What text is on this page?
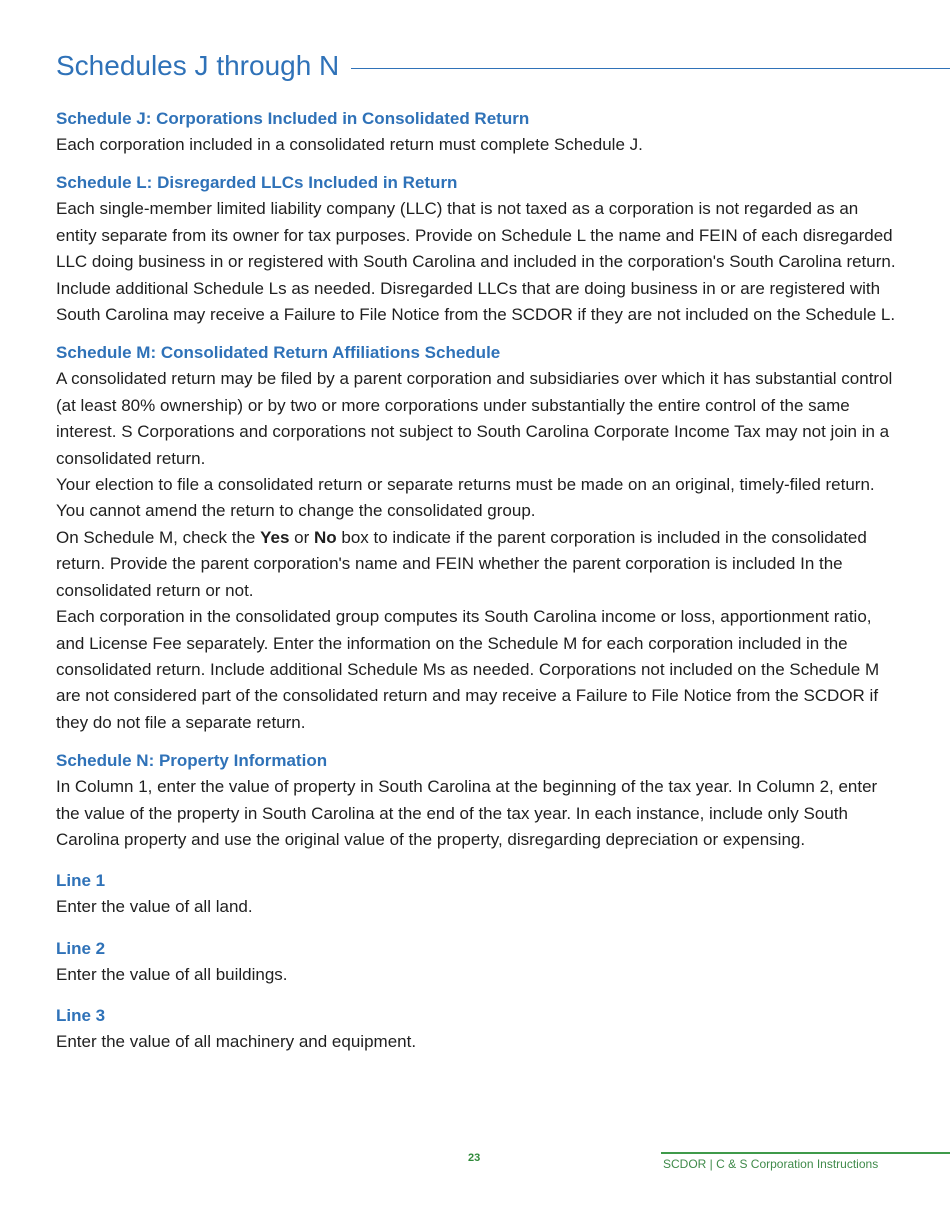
Schedules J through N
Schedule J: Corporations Included in Consolidated Return

Each corporation included in a consolidated return must complete Schedule J.

Schedule L: Disregarded LLCs Included in Return

Each single-member limited liability company (LLC) that is not taxed as a corporation is not regarded as an entity separate from its owner for tax purposes. Provide on Schedule L the name and FEIN of each disregarded LLC doing business in or registered with South Carolina and included in the corporation's South Carolina return. Include additional Schedule Ls as needed. Disregarded LLCs that are doing business in or are registered with South Carolina may receive a Failure to File Notice from the SCDOR if they are not included on the Schedule L.

Schedule M: Consolidated Return Affiliations Schedule

A consolidated return may be filed by a parent corporation and subsidiaries over which it has substantial control (at least 80% ownership) or by two or more corporations under substantially the entire control of the same interest. S Corporations and corporations not subject to South Carolina Corporate Income Tax may not join in a consolidated return.

Your election to file a consolidated return or separate returns must be made on an original, timely-filed return. You cannot amend the return to change the consolidated group.

On Schedule M, check the Yes or No box to indicate if the parent corporation is included in the consolidated return. Provide the parent corporation's name and FEIN whether the parent corporation is included In the consolidated return or not.

Each corporation in the consolidated group computes its South Carolina income or loss, apportionment ratio, and License Fee separately. Enter the information on the Schedule M for each corporation included in the consolidated return. Include additional Schedule Ms as needed. Corporations not included on the Schedule M are not considered part of the consolidated return and may receive a Failure to File Notice from the SCDOR if they do not file a separate return.

Schedule N: Property Information

In Column 1, enter the value of property in South Carolina at the beginning of the tax year. In Column 2, enter the value of the property in South Carolina at the end of the tax year. In each instance, include only South Carolina property and use the original value of the property, disregarding depreciation or expensing.

Line 1

Enter the value of all land.

Line 2

Enter the value of all buildings.

Line 3

Enter the value of all machinery and equipment.

23	SCDOR | C & S Corporation Instructions
